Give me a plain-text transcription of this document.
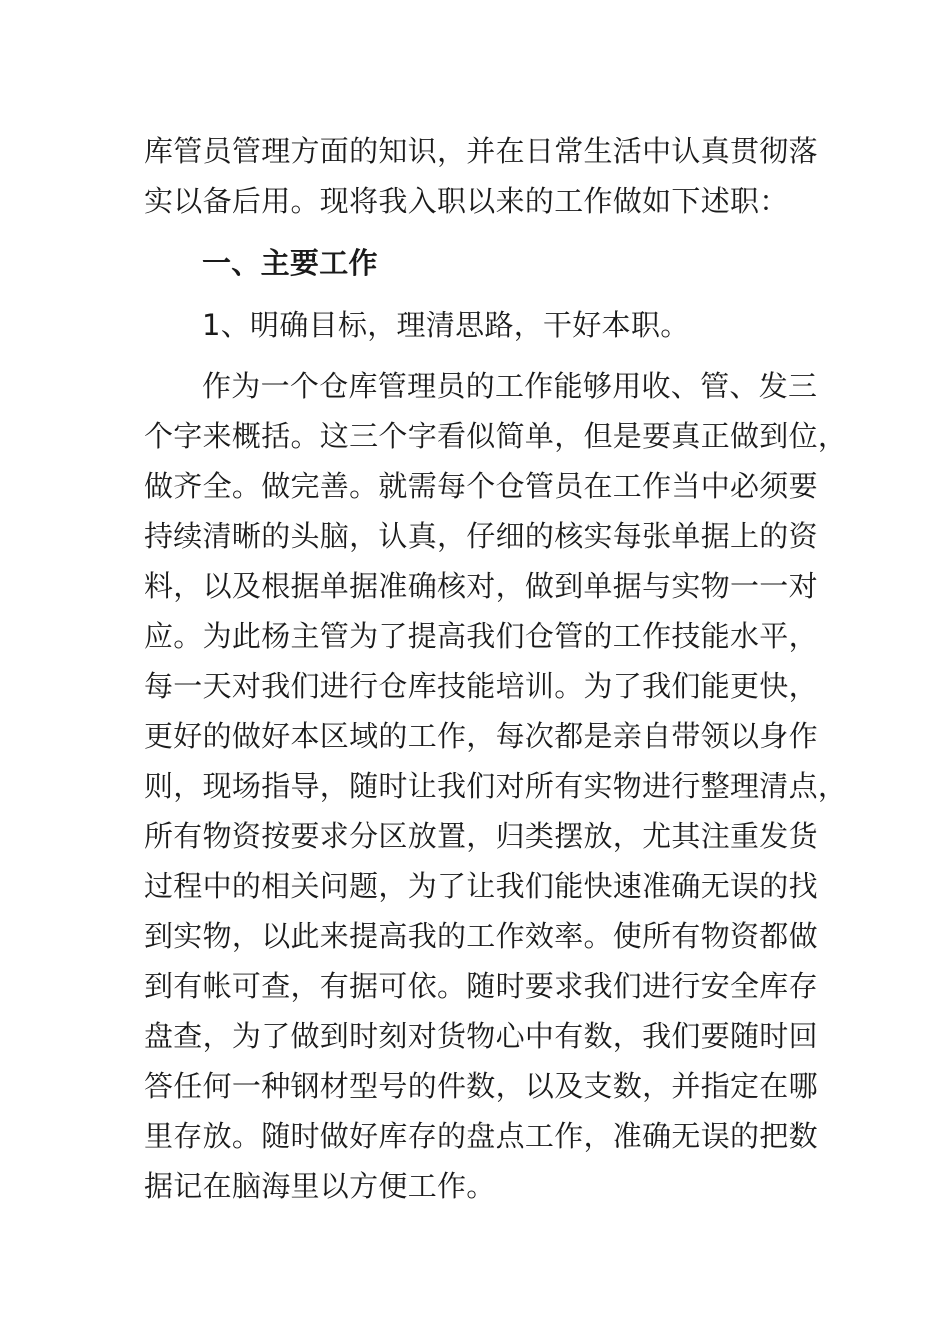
库管员管理方面的知识，并在日常生活中认真贯彻落
实以备后用。现将我入职以来的工作做如下述职：
一、主要工作
1、明确目标，理清思路，干好本职。
作为一个仓库管理员的工作能够用收、管、发三
个字来概括。这三个字看似简单，但是要真正做到位，
做齐全。做完善。就需每个仓管员在工作当中必须要
持续清晰的头脑，认真，仔细的核实每张单据上的资
料，以及根据单据准确核对，做到单据与实物一一对
应。为此杨主管为了提高我们仓管的工作技能水平，
每一天对我们进行仓库技能培训。为了我们能更快，
更好的做好本区域的工作，每次都是亲自带领以身作
则，现场指导，随时让我们对所有实物进行整理清点，
所有物资按要求分区放置，归类摆放，尤其注重发货
过程中的相关问题，为了让我们能快速准确无误的找
到实物，以此来提高我的工作效率。使所有物资都做
到有帐可查，有据可依。随时要求我们进行安全库存
盘查，为了做到时刻对货物心中有数，我们要随时回
答任何一种钢材型号的件数，以及支数，并指定在哪
里存放。随时做好库存的盘点工作，准确无误的把数
据记在脑海里以方便工作。
